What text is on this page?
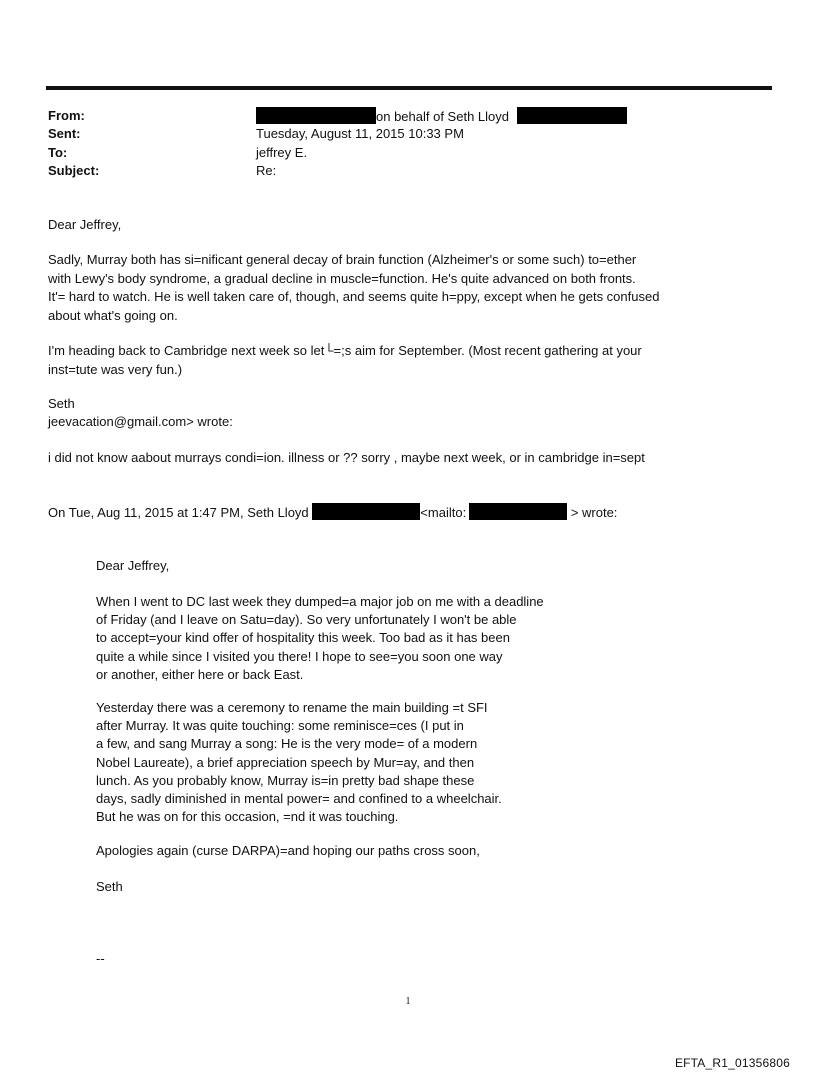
From:	on behalf of Seth Lloyd
Sent:	Tuesday, August 11, 2015 10:33 PM
To:	jeffrey E.
Subject:	Re:

Dear Jeffrey,

Sadly, Murray both has si=nificant general decay of brain function (Alzheimer's or some such) to=ether
with Lewy's body syndrome, a gradual decline in muscle=function. He's quite advanced on both fronts.
It'= hard to watch. He is well taken care of, though, and seems quite h=ppy, except when he gets confused
about what's going on.

I'm heading back to Cambridge next week so let└=;s aim for September. (Most recent gathering at your
inst=tute was very fun.)

Seth

jeevacation@gmail.com> wrote:

i did not know aabout murrays condi=ion. illness or ?? sorry , maybe next week, or in cambridge in=sept

On Tue, Aug 11, 2015 at 1:47 PM, Seth Lloyd	<mailto:	> wrote:

Dear Jeffrey,

When I went to DC last week they dumped=a major job on me with a deadline
of Friday (and I leave on Satu=day). So very unfortunately I won't be able
to accept=your kind offer of hospitality this week. Too bad as it has been
quite a while since I visited you there! I hope to see=you soon one way
or another, either here or back East.

Yesterday there was a ceremony to rename the main building =t SFI
after Murray. It was quite touching: some reminisce=ces (I put in
a few, and sang Murray a song: He is the very mode= of a modern
Nobel Laureate), a brief appreciation speech by Mur=ay, and then
lunch. As you probably know, Murray is=in pretty bad shape these
days, sadly diminished in mental power= and confined to a wheelchair.
But he was on for this occasion, =nd it was touching.

Apologies again (curse DARPA)=and hoping our paths cross soon,

Seth

--

1
EFTA_R1_01356806
